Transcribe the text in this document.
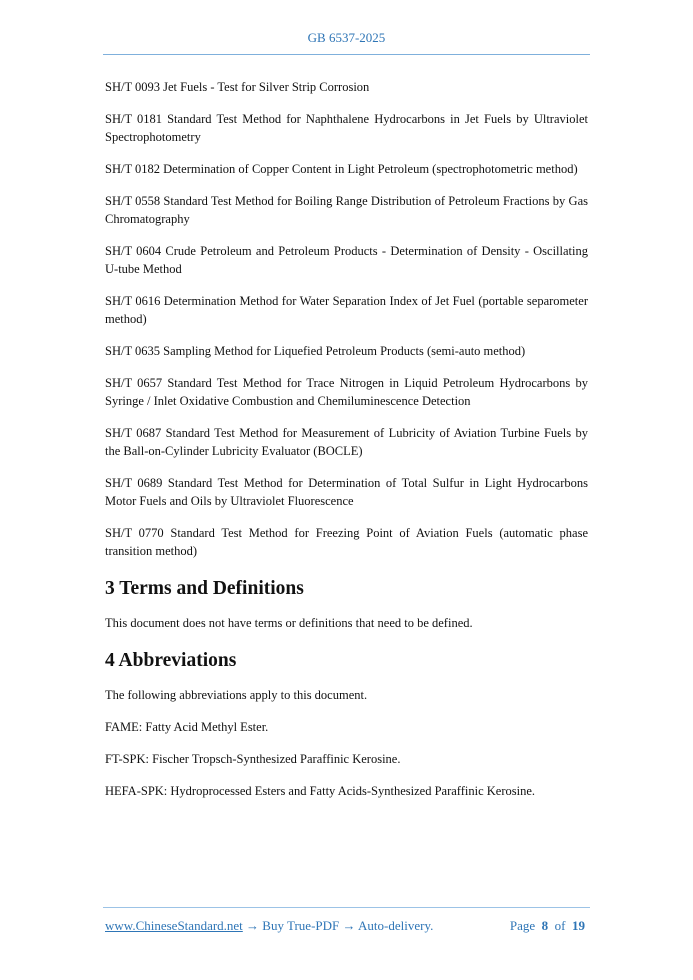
GB 6537-2025

SH/T 0093 Jet Fuels - Test for Silver Strip Corrosion

SH/T 0181 Standard Test Method for Naphthalene Hydrocarbons in Jet Fuels by Ultraviolet Spectrophotometry

SH/T 0182 Determination of Copper Content in Light Petroleum (spectrophotometric method)

SH/T 0558 Standard Test Method for Boiling Range Distribution of Petroleum Fractions by Gas Chromatography

SH/T 0604 Crude Petroleum and Petroleum Products - Determination of Density - Oscillating U-tube Method

SH/T 0616 Determination Method for Water Separation Index of Jet Fuel (portable separometer method)

SH/T 0635 Sampling Method for Liquefied Petroleum Products (semi-auto method)

SH/T 0657 Standard Test Method for Trace Nitrogen in Liquid Petroleum Hydrocarbons by Syringe / Inlet Oxidative Combustion and Chemiluminescence Detection

SH/T 0687 Standard Test Method for Measurement of Lubricity of Aviation Turbine Fuels by the Ball-on-Cylinder Lubricity Evaluator (BOCLE)

SH/T 0689 Standard Test Method for Determination of Total Sulfur in Light Hydrocarbons Motor Fuels and Oils by Ultraviolet Fluorescence

SH/T 0770 Standard Test Method for Freezing Point of Aviation Fuels (automatic phase transition method)

3 Terms and Definitions

This document does not have terms or definitions that need to be defined.

4 Abbreviations

The following abbreviations apply to this document.

FAME: Fatty Acid Methyl Ester.

FT-SPK: Fischer Tropsch-Synthesized Paraffinic Kerosine.

HEFA-SPK: Hydroprocessed Esters and Fatty Acids-Synthesized Paraffinic Kerosine.

www.ChineseStandard.net → Buy True-PDF → Auto-delivery.	Page 8 of 19
